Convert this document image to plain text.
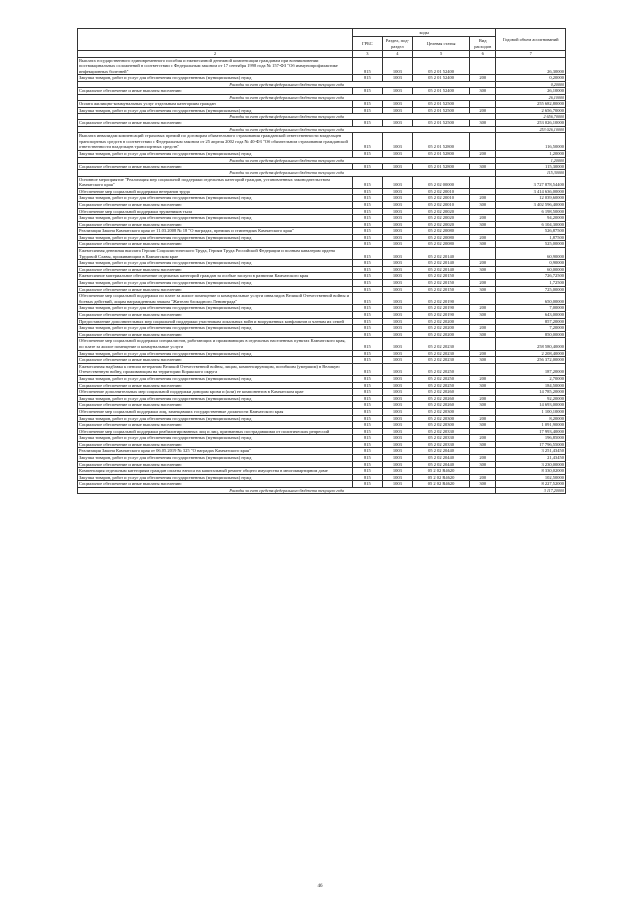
		коды				Годовой объем ассигнований
	ГРБС	Раздел, под-раздел	Целевая статья	Вид расходов	
	2	3	4	5	6	7
	Выплата государственного единовременного пособия и ежемесячной денежной компенсации гражданам при возникновении поствакцинальных осложнений в соответствии с Федеральным законом от 17 сентября 1998 года № 157-ФЗ "Об иммунопрофилактике инфекционных болезней"	815	1003	05 2 01 52400		26,30000
	Закупка товаров, работ и услуг для обеспечения государственных (муниципальных) нужд	815	1003	05 2 01 52400	200	0,20000
	Расходы за счет средств федерального бюджета текущего года					0,20000
	Социальное обеспечение и иные выплаты населению	815	1003	05 2 01 52400	300	26,10000
	Расходы за счет средств федерального бюджета текущего года					26,10000
	Оплата жилищно-коммунальных услуг отдельным категориям граждан	815	1003	05 2 01 52500		255 682,80000
	Закупка товаров, работ и услуг для обеспечения государственных (муниципальных) нужд	815	1003	05 2 01 52500	200	2 656,70000
	Расходы за счет средств федерального бюджета текущего года					2 656,70000
	Социальное обеспечение и иные выплаты населению	815	1003	05 2 01 52500	300	253 026,10000
	Расходы за счет средств федерального бюджета текущего года					253 026,10000
	Выплата инвалидам компенсаций страховых премий по договорам обязательного страхования гражданской ответственности владельцев транспортных средств в соответствии с Федеральным законом от 25 апреля 2002 года № 40-ФЗ "Об обязательном страховании гражданской ответственности владельцев транспортных средств"	815	1003	05 2 01 52800		116,50000
	Закупка товаров, работ и услуг для обеспечения государственных (муниципальных) нужд	815	1003	05 2 01 52800	200	1,20000
	Расходы за счет средств федерального бюджета текущего года					1,20000
	Социальное обеспечение и иные выплаты населению	815	1003	05 2 01 52800	300	115,30000
	Расходы за счет средств федерального бюджета текущего года					115,30000
	Основное мероприятие "Реализация мер социальной поддержки отдельных категорий граждан, установленных законодательством Камчатского края"	815	1003	05 2 02 00000		3 727 878,54400
	Обеспечение мер социальной поддержки ветеранов труда	815	1003	05 2 02 20010		3 414 636,00000
	Закупка товаров, работ и услуг для обеспечения государственных (муниципальных) нужд	815	1003	05 2 02 20010	200	12 039,60000
	Социальное обеспечение и иные выплаты населению	815	1003	05 2 02 20010	300	3 402 596,40000
	Обеспечение мер социальной поддержки тружеников тыла	815	1003	05 2 02 20020		6 198,50000
	Закупка товаров, работ и услуг для обеспечения государственных (муниципальных) нужд	815	1003	05 2 02 20020	200	94,20000
	Социальное обеспечение и иные выплаты населению	815	1003	05 2 02 20020	300	6 104,30000
	Реализация Закона Камчатского края от 11.03.2008 № 18 "О наградах, премиях и стипендиях Камчатского края"	815	1003	05 2 02 20080		526,87500
	Закупка товаров, работ и услуг для обеспечения государственных (муниципальных) нужд	815	1003	05 2 02 20080	200	1,87500
	Социальное обеспечение и иные выплаты населению	815	1003	05 2 02 20080	300	525,00000
	Ежемесячная денежная выплата Героям Социалистического Труда, Героям Труда Российской Федерации и полным кавалерам ордена Трудовой Славы, проживающим в Камчатском крае	815	1003	05 2 02 20140		60,90000
	Закупка товаров, работ и услуг для обеспечения государственных (муниципальных) нужд	815	1003	05 2 02 20140	200	0,90000
	Социальное обеспечение и иные выплаты населению	815	1003	05 2 02 20140	300	60,00000
	Ежемесячное материальное обеспечение отдельных категорий граждан за особые заслуги в развитии Камчатского края	815	1003	05 2 02 20150		726,72500
	Закупка товаров, работ и услуг для обеспечения государственных (муниципальных) нужд	815	1003	05 2 02 20150	200	1,72500
	Социальное обеспечение и иные выплаты населению	815	1003	05 2 02 20150	300	725,00000
	Обеспечение мер социальной поддержки по плате за жилое помещение и коммунальные услуги инвалидов Великой Отечественной войны и боевых действий, лицам награжденным знаком "Жителю блокадного Ленинграда"	815	1003	05 2 02 20190		650,00000
	Закупка товаров, работ и услуг для обеспечения государственных (муниципальных) нужд	815	1003	05 2 02 20190	200	7,00000
	Социальное обеспечение и иные выплаты населению	815	1003	05 2 02 20190	300	643,00000
	Предоставление дополнительных мер социальной поддержки участникам локальных войн и вооруженных конфликтов и членам их семей	815	1003	05 2 02 20200		857,20000
	Закупка товаров, работ и услуг для обеспечения государственных (муниципальных) нужд	815	1003	05 2 02 20200	200	7,20000
	Социальное обеспечение и иные выплаты населению	815	1003	05 2 02 20200	300	850,00000
	Обеспечение мер социальной поддержки специалистов, работающих и проживающих в отдельных населенных пунктах Камчатского края, по плате за жилое помещение и коммунальные услуги	815	1003	05 2 02 20230		258 580,40000
	Закупка товаров, работ и услуг для обеспечения государственных (муниципальных) нужд	815	1003	05 2 02 20230	200	2 208,40000
	Социальное обеспечение и иные выплаты населению	815	1003	05 2 02 20230	300	256 372,00000
	Ежемесячная надбавка к пенсии ветеранам Великой Отечественной войны, лицам, компенсирующим, погибшим (умершим) в Великую Отечественную войну, проживающим на территории Корякского округа	815	1003	05 2 02 20250		187,20000
	Закупка товаров, работ и услуг для обеспечения государственных (муниципальных) нужд	815	1003	05 2 02 20250	200	2,70000
	Социальное обеспечение и иные выплаты населению	815	1003	05 2 02 20250	300	184,50000
	Обеспечение дополнительных мер социальной поддержки донорам крови и (или) ее компонентов в Камчатском крае	815	1003	05 2 02 20260		14 785,20000
	Закупка товаров, работ и услуг для обеспечения государственных (муниципальных) нужд	815	1003	05 2 02 20260	200	92,20000
	Социальное обеспечение и иные выплаты населению	815	1003	05 2 02 20260	300	14 693,00000
	Обеспечение мер социальной поддержки лиц, замещавших государственные должности Камчатского края	815	1003	05 2 02 20300		1 100,10000
	Закупка товаров, работ и услуг для обеспечения государственных (муниципальных) нужд	815	1003	05 2 02 20300	200	8,20000
	Социальное обеспечение и иные выплаты населению	815	1003	05 2 02 20300	300	1 091,90000
	Обеспечение мер социальной поддержки реабилитированных лиц и лиц, признанных пострадавшими от политических репрессий	815	1003	05 2 02 20330		17 993,40000
	Закупка товаров, работ и услуг для обеспечения государственных (муниципальных) нужд	815	1003	05 2 02 20330	200	196,85000
	Социальное обеспечение и иные выплаты населению	815	1003	05 2 02 20330	300	17 796,55000
	Реализация Закона Камчатского края от 06.05.2019 № 325 "О наградах Камчатского края"	815	1003	05 2 02 20440		3 251,43450
	Закупка товаров, работ и услуг для обеспечения государственных (муниципальных) нужд	815	1003	05 2 02 20440	200	21,43450
	Социальное обеспечение и иные выплаты населению	815	1003	05 2 02 20440	300	3 230,00000
	Компенсация отдельным категориям граждан оплаты взноса на капитальный ремонт общего имущества в многоквартирном доме	815	1003	05 2 02 R4620		8 330,02000
	Закупка товаров, работ и услуг для обеспечения государственных (муниципальных) нужд	815	1003	05 2 02 R4620	200	102,50000
	Социальное обеспечение и иные выплаты населению	815	1003	05 2 02 R4620	300	8 227,52000
	Расходы за счет средств федерального бюджета текущего года					3 117,20000
46
